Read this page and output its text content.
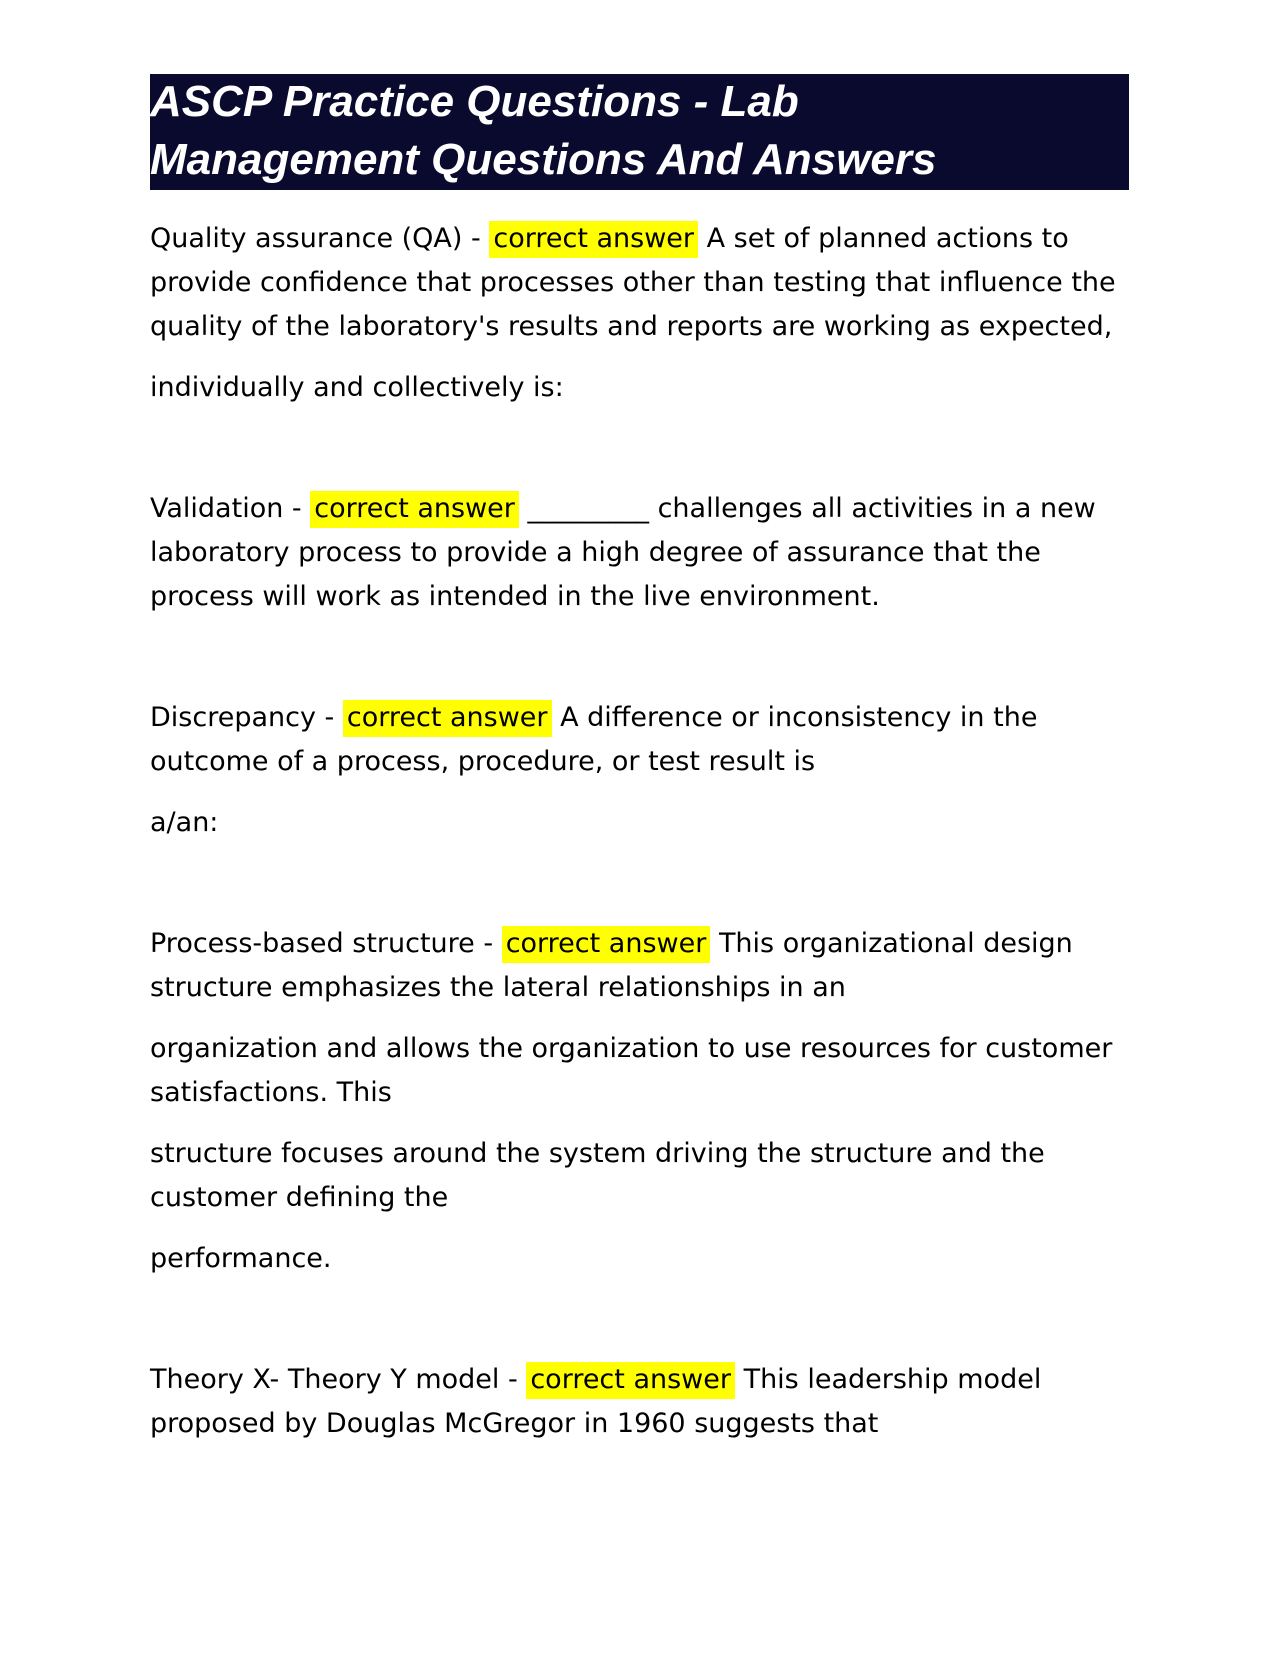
ASCP Practice Questions - Lab
Management Questions And Answers

Quality assurance (QA) - correct answer A set of planned actions to

provide confidence that processes other than testing that influence the

quality of the laboratory's results and reports are working as expected,

individually and collectively is:

Validation - correct answer _________ challenges all activities in a new

laboratory process to provide a high degree of assurance that the

process will work as intended in the live environment.

Discrepancy - correct answer A difference or inconsistency in the

outcome of a process, procedure, or test result is

a/an:

Process-based structure - correct answer This organizational design

structure emphasizes the lateral relationships in an

organization and allows the organization to use resources for customer

satisfactions. This

structure focuses around the system driving the structure and the

customer defining the

performance.

Theory X- Theory Y model - correct answer This leadership model

proposed by Douglas McGregor in 1960 suggests that
